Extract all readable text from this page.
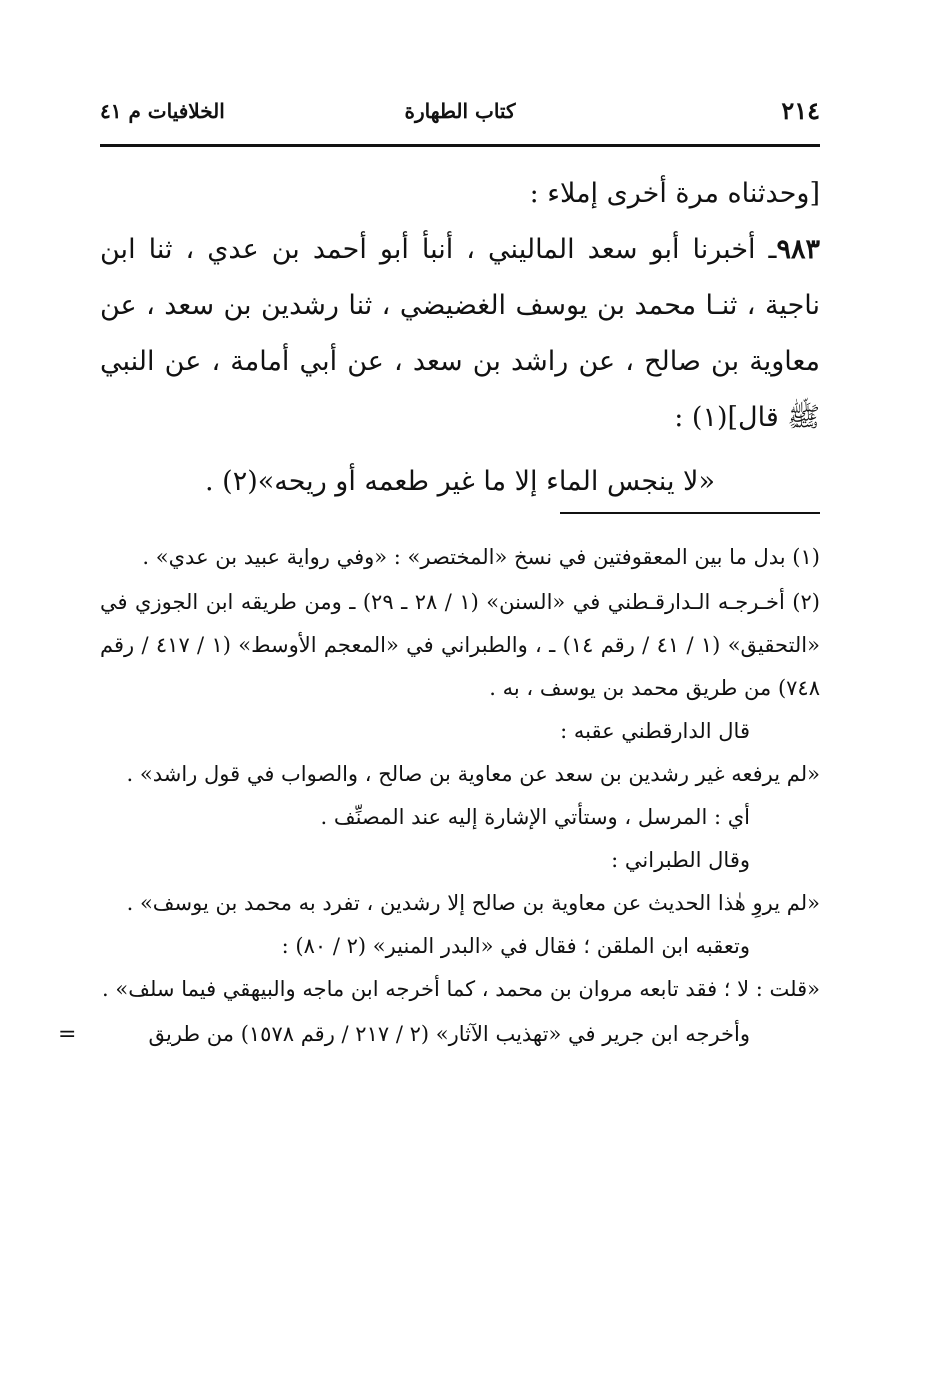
٢١٤
كتاب الطهارة
الخلافيات م ٤١

[وحدثناه مرة أخرى إملاء :

٩٨٣ـ أخبرنا أبو سعد الماليني ، أنبأ أبو أحمد بن عدي ، ثنا ابن ناجية ، ثنـا محمد بن يوسف الغضيضي ، ثنا رشدين بن سعد ، عن معاوية بن صالح ، عن راشد بن سعد ، عن أبي أمامة ، عن النبي ﷺ قال](١) :

«لا ينجس الماء إلا ما غير طعمه أو ريحه»(٢) .

(١) بدل ما بين المعقوفتين في نسخ «المختصر» : «وفي رواية عبيد بن عدي» .

(٢) أخـرجـه الـدارقـطني في «السنن» (١ / ٢٨ ـ ٢٩) ـ ومن طريقه ابن الجوزي في «التحقيق» (١ / ٤١ / رقم ١٤) ـ ، والطبراني في «المعجم الأوسط» (١ / ٤١٧ / رقم ٧٤٨) من طريق محمد بن يوسف ، به .

قال الدارقطني عقبه :

«لم يرفعه غير رشدين بن سعد عن معاوية بن صالح ، والصواب في قول راشد» .

أي : المرسل ، وستأتي الإشارة إليه عند المصنِّف .

وقال الطبراني :

«لم يروِ هٰذا الحديث عن معاوية بن صالح إلا رشدين ، تفرد به محمد بن يوسف» .

وتعقبه ابن الملقن ؛ فقال في «البدر المنير» (٢ / ٨٠) :

«قلت : لا ؛ فقد تابعه مروان بن محمد ، كما أخرجه ابن ماجه والبيهقي فيما سلف» .

وأخرجه ابن جرير في «تهذيب الآثار» (٢ / ٢١٧ / رقم ١٥٧٨) من طريق
=
